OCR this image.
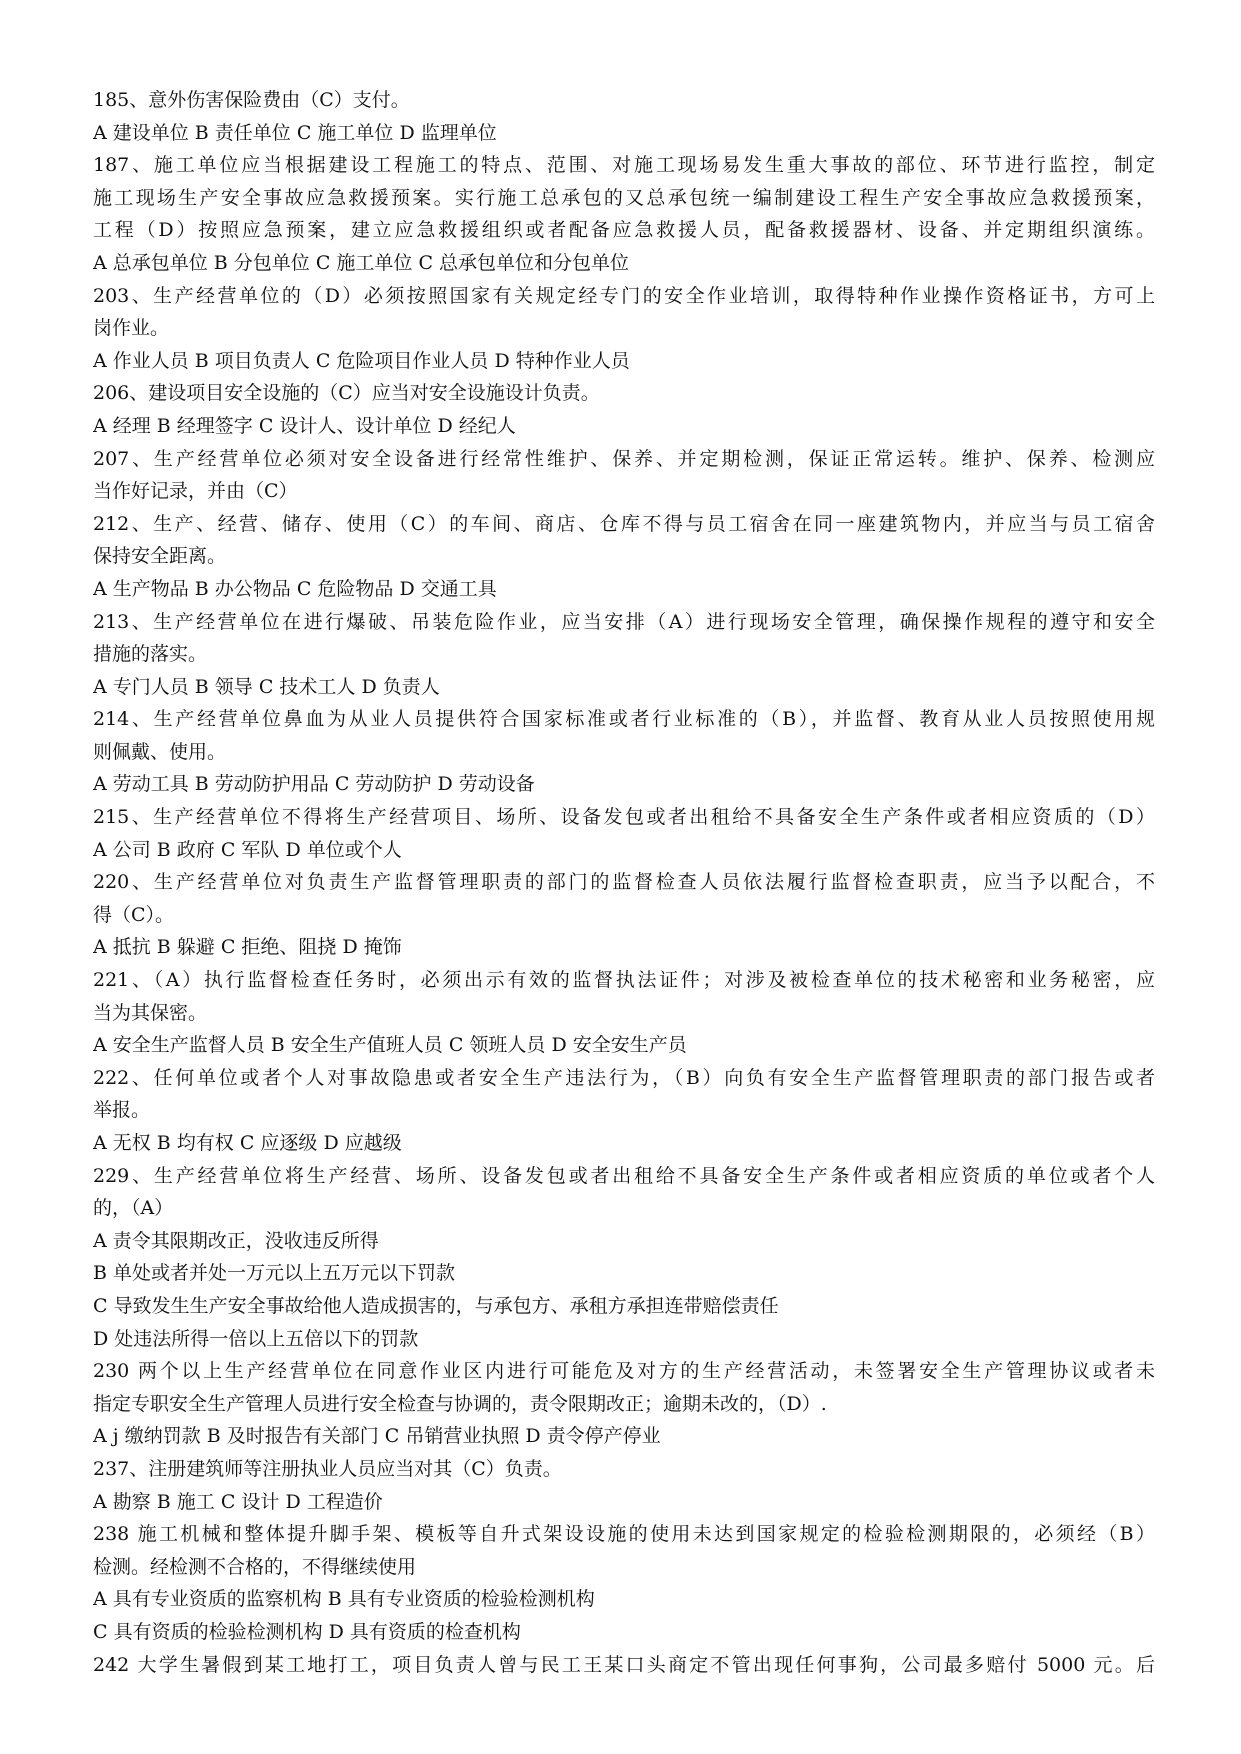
185、意外伤害保险费由（C）支付。
A 建设单位 B 责任单位 C 施工单位 D 监理单位
187、施工单位应当根据建设工程施工的特点、范围、对施工现场易发生重大事故的部位、环节进行监控，制定
施工现场生产安全事故应急救援预案。实行施工总承包的又总承包统一编制建设工程生产安全事故应急救援预案，
工程（D）按照应急预案，建立应急救援组织或者配备应急救援人员，配备救援器材、设备、并定期组织演练。
A 总承包单位 B 分包单位 C 施工单位 C 总承包单位和分包单位
203、生产经营单位的（D）必须按照国家有关规定经专门的安全作业培训，取得特种作业操作资格证书，方可上
岗作业。
A 作业人员 B 项目负责人 C 危险项目作业人员 D 特种作业人员
206、建设项目安全设施的（C）应当对安全设施设计负责。
A 经理 B 经理签字 C 设计人、设计单位 D 经纪人
207、生产经营单位必须对安全设备进行经常性维护、保养、并定期检测，保证正常运转。维护、保养、检测应
当作好记录，并由（C）
212、生产、经营、储存、使用（C）的车间、商店、仓库不得与员工宿舍在同一座建筑物内，并应当与员工宿舍
保持安全距离。
A 生产物品 B 办公物品 C 危险物品 D 交通工具
213、生产经营单位在进行爆破、吊装危险作业，应当安排（A）进行现场安全管理，确保操作规程的遵守和安全
措施的落实。
A 专门人员 B 领导 C 技术工人 D 负责人
214、生产经营单位鼻血为从业人员提供符合国家标准或者行业标准的（B），并监督、教育从业人员按照使用规
则佩戴、使用。
A 劳动工具 B 劳动防护用品 C 劳动防护 D 劳动设备
215、生产经营单位不得将生产经营项目、场所、设备发包或者出租给不具备安全生产条件或者相应资质的（D）
A 公司 B 政府 C 军队 D 单位或个人
220、生产经营单位对负责生产监督管理职责的部门的监督检查人员依法履行监督检查职责，应当予以配合，不
得（C）。
A 抵抗 B 躲避 C 拒绝、阻挠 D 掩饰
221、（A）执行监督检查任务时，必须出示有效的监督执法证件；对涉及被检查单位的技术秘密和业务秘密，应
当为其保密。
A 安全生产监督人员 B 安全生产值班人员 C 领班人员 D 安全安生产员
222、任何单位或者个人对事故隐患或者安全生产违法行为，（B）向负有安全生产监督管理职责的部门报告或者
举报。
A 无权 B 均有权 C 应逐级 D 应越级
229、生产经营单位将生产经营、场所、设备发包或者出租给不具备安全生产条件或者相应资质的单位或者个人
的，（A）
A 责令其限期改正，没收违反所得
B 单处或者并处一万元以上五万元以下罚款
C 导致发生生产安全事故给他人造成损害的，与承包方、承租方承担连带赔偿责任
D 处违法所得一倍以上五倍以下的罚款
230 两个以上生产经营单位在同意作业区内进行可能危及对方的生产经营活动，未签署安全生产管理协议或者未
指定专职安全生产管理人员进行安全检查与协调的，责令限期改正；逾期未改的，（D）.
A j 缴纳罚款 B 及时报告有关部门 C 吊销营业执照 D 责令停产停业
237、注册建筑师等注册执业人员应当对其（C）负责。
A 勘察 B 施工 C 设计 D 工程造价
238 施工机械和整体提升脚手架、模板等自升式架设设施的使用未达到国家规定的检验检测期限的，必须经（B）
检测。经检测不合格的，不得继续使用
A 具有专业资质的监察机构 B 具有专业资质的检验检测机构
C 具有资质的检验检测机构 D 具有资质的检查机构
242 大学生暑假到某工地打工，项目负责人曾与民工王某口头商定不管出现任何事狗，公司最多赔付 5000 元。后
